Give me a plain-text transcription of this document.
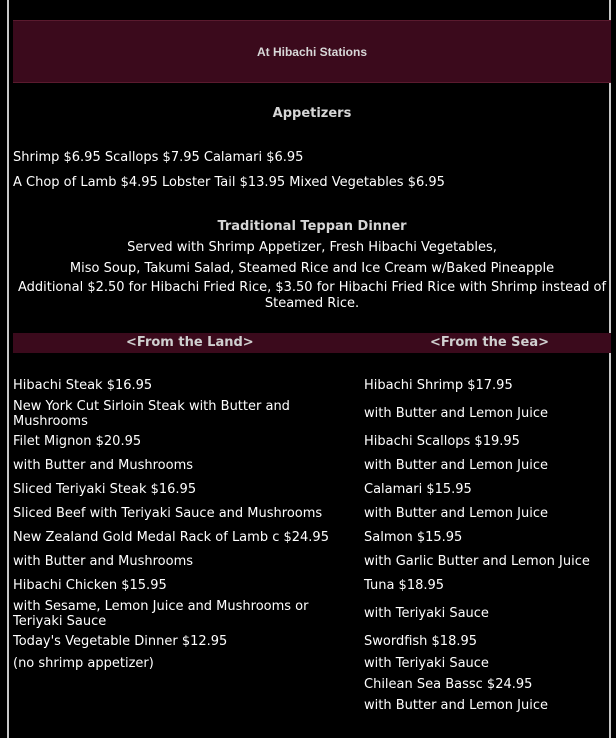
At Hibachi Stations
Appetizers
Shrimp $6.95 Scallops $7.95 Calamari $6.95
A Chop of Lamb $4.95 Lobster Tail $13.95 Mixed Vegetables $6.95
Traditional Teppan Dinner
Served with Shrimp Appetizer, Fresh Hibachi Vegetables,
Miso Soup, Takumi Salad, Steamed Rice and Ice Cream w/Baked Pineapple
Additional $2.50 for Hibachi Fried Rice, $3.50 for Hibachi Fried Rice with Shrimp instead of Steamed Rice.
<From the Land>	<From the Sea>
Hibachi Steak $16.95
New York Cut Sirloin Steak with Butter and Mushrooms
Filet Mignon $20.95
with Butter and Mushrooms
Sliced Teriyaki Steak $16.95
Sliced Beef with Teriyaki Sauce and Mushrooms
New Zealand Gold Medal Rack of Lamb c $24.95
with Butter and Mushrooms
Hibachi Chicken $15.95
with Sesame, Lemon Juice and Mushrooms or Teriyaki Sauce
Today's Vegetable Dinner $12.95
(no shrimp appetizer)
Hibachi Shrimp $17.95
with Butter and Lemon Juice
Hibachi Scallops $19.95
with Butter and Lemon Juice
Calamari $15.95
with Butter and Lemon Juice
Salmon $15.95
with Garlic Butter and Lemon Juice
Tuna $18.95
with Teriyaki Sauce
Swordfish $18.95
with Teriyaki Sauce
Chilean Sea Bassc $24.95
with Butter and Lemon Juice
